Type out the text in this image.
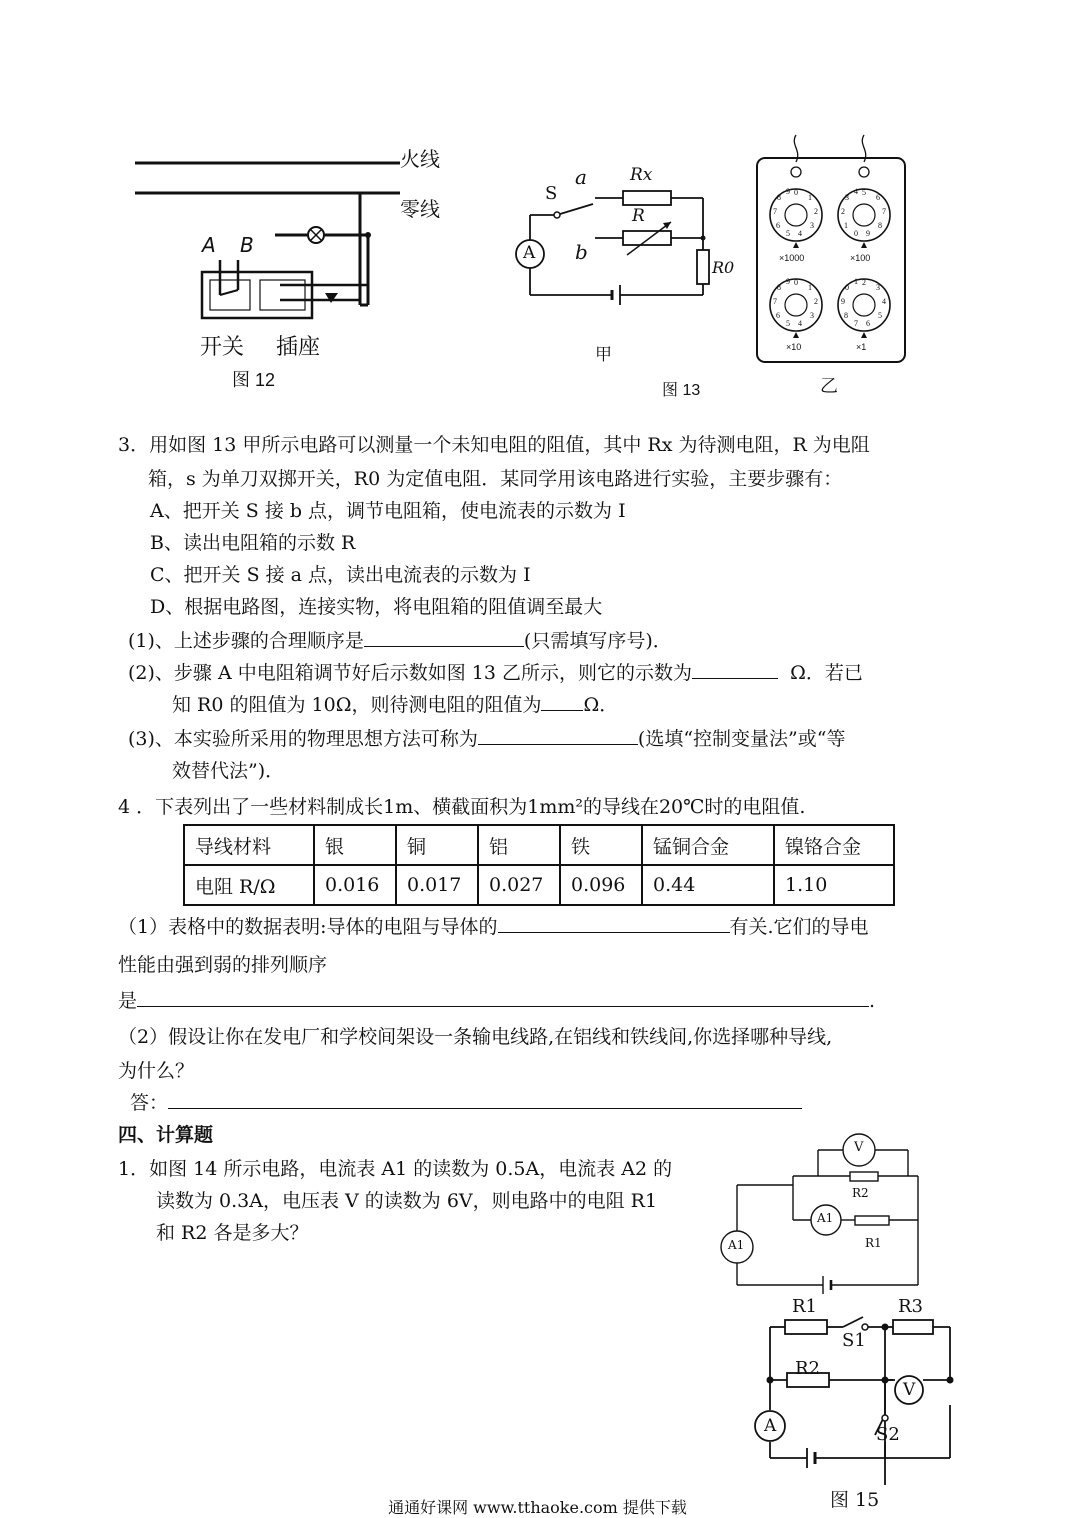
火线
零线
A B
开关 插座
图 12
A
S
a
b
Rx
R
R0
甲
图 13
0
1
2
3
4
5
6
7
8
9	5
6
7
8
9
0
1
2
3
4
0
1
2
3
4
5
6
7
8
9	2
3
4
5
6
7
8
9
0
1
×1000	×100
×10	×1
乙
3．用如图 13 甲所示电路可以测量一个未知电阻的阻值，其中 Rx 为待测电阻，R 为电阻
箱，s 为单刀双掷开关，R0 为定值电阻．某同学用该电路进行实验，主要步骤有：
A、把开关 S 接 b 点，调节电阻箱，使电流表的示数为 I
B、读出电阻箱的示数 R
C、把开关 S 接 a 点，读出电流表的示数为 I
D、根据电路图，连接实物，将电阻箱的阻值调至最大
(1)、上述步骤的合理顺序是	(只需填写序号)．
(2)、步骤 A 中电阻箱调节好后示数如图 13 乙所示，则它的示数为	Ω．若已
知 R0 的阻值为 10Ω，则待测电阻的阻值为 Ω．
(3)、本实验所采用的物理思想方法可称为	(选填“控制变量法”或“等
效替代法”)．
4 ．下表列出了一些材料制成长1m、横截面积为1mm²的导线在20℃时的电阻值.
导线材料	银	铜	铝	铁	锰铜合金	镍铬合金
电阻 R/Ω	0.016	0.017	0.027	0.096	0.44	1.10
（1）表格中的数据表明:导体的电阻与导体的	有关.它们的导电
性能由强到弱的排列顺序
是	.
（2）假设让你在发电厂和学校间架设一条输电线路,在铝线和铁线间,你选择哪种导线,
为什么？
答：
四、计算题
1．如图 14 所示电路，电流表 A1 的读数为 0.5A，电流表 A2 的
读数为 0.3A，电压表 V 的读数为 6V，则电路中的电阻 R1
和 R2 各是多大？
V
A1
A1
R2
R1
R1
S1
R3
R2
V
A	S2
图 15
通通好课网 www.tthaoke.com 提供下载
